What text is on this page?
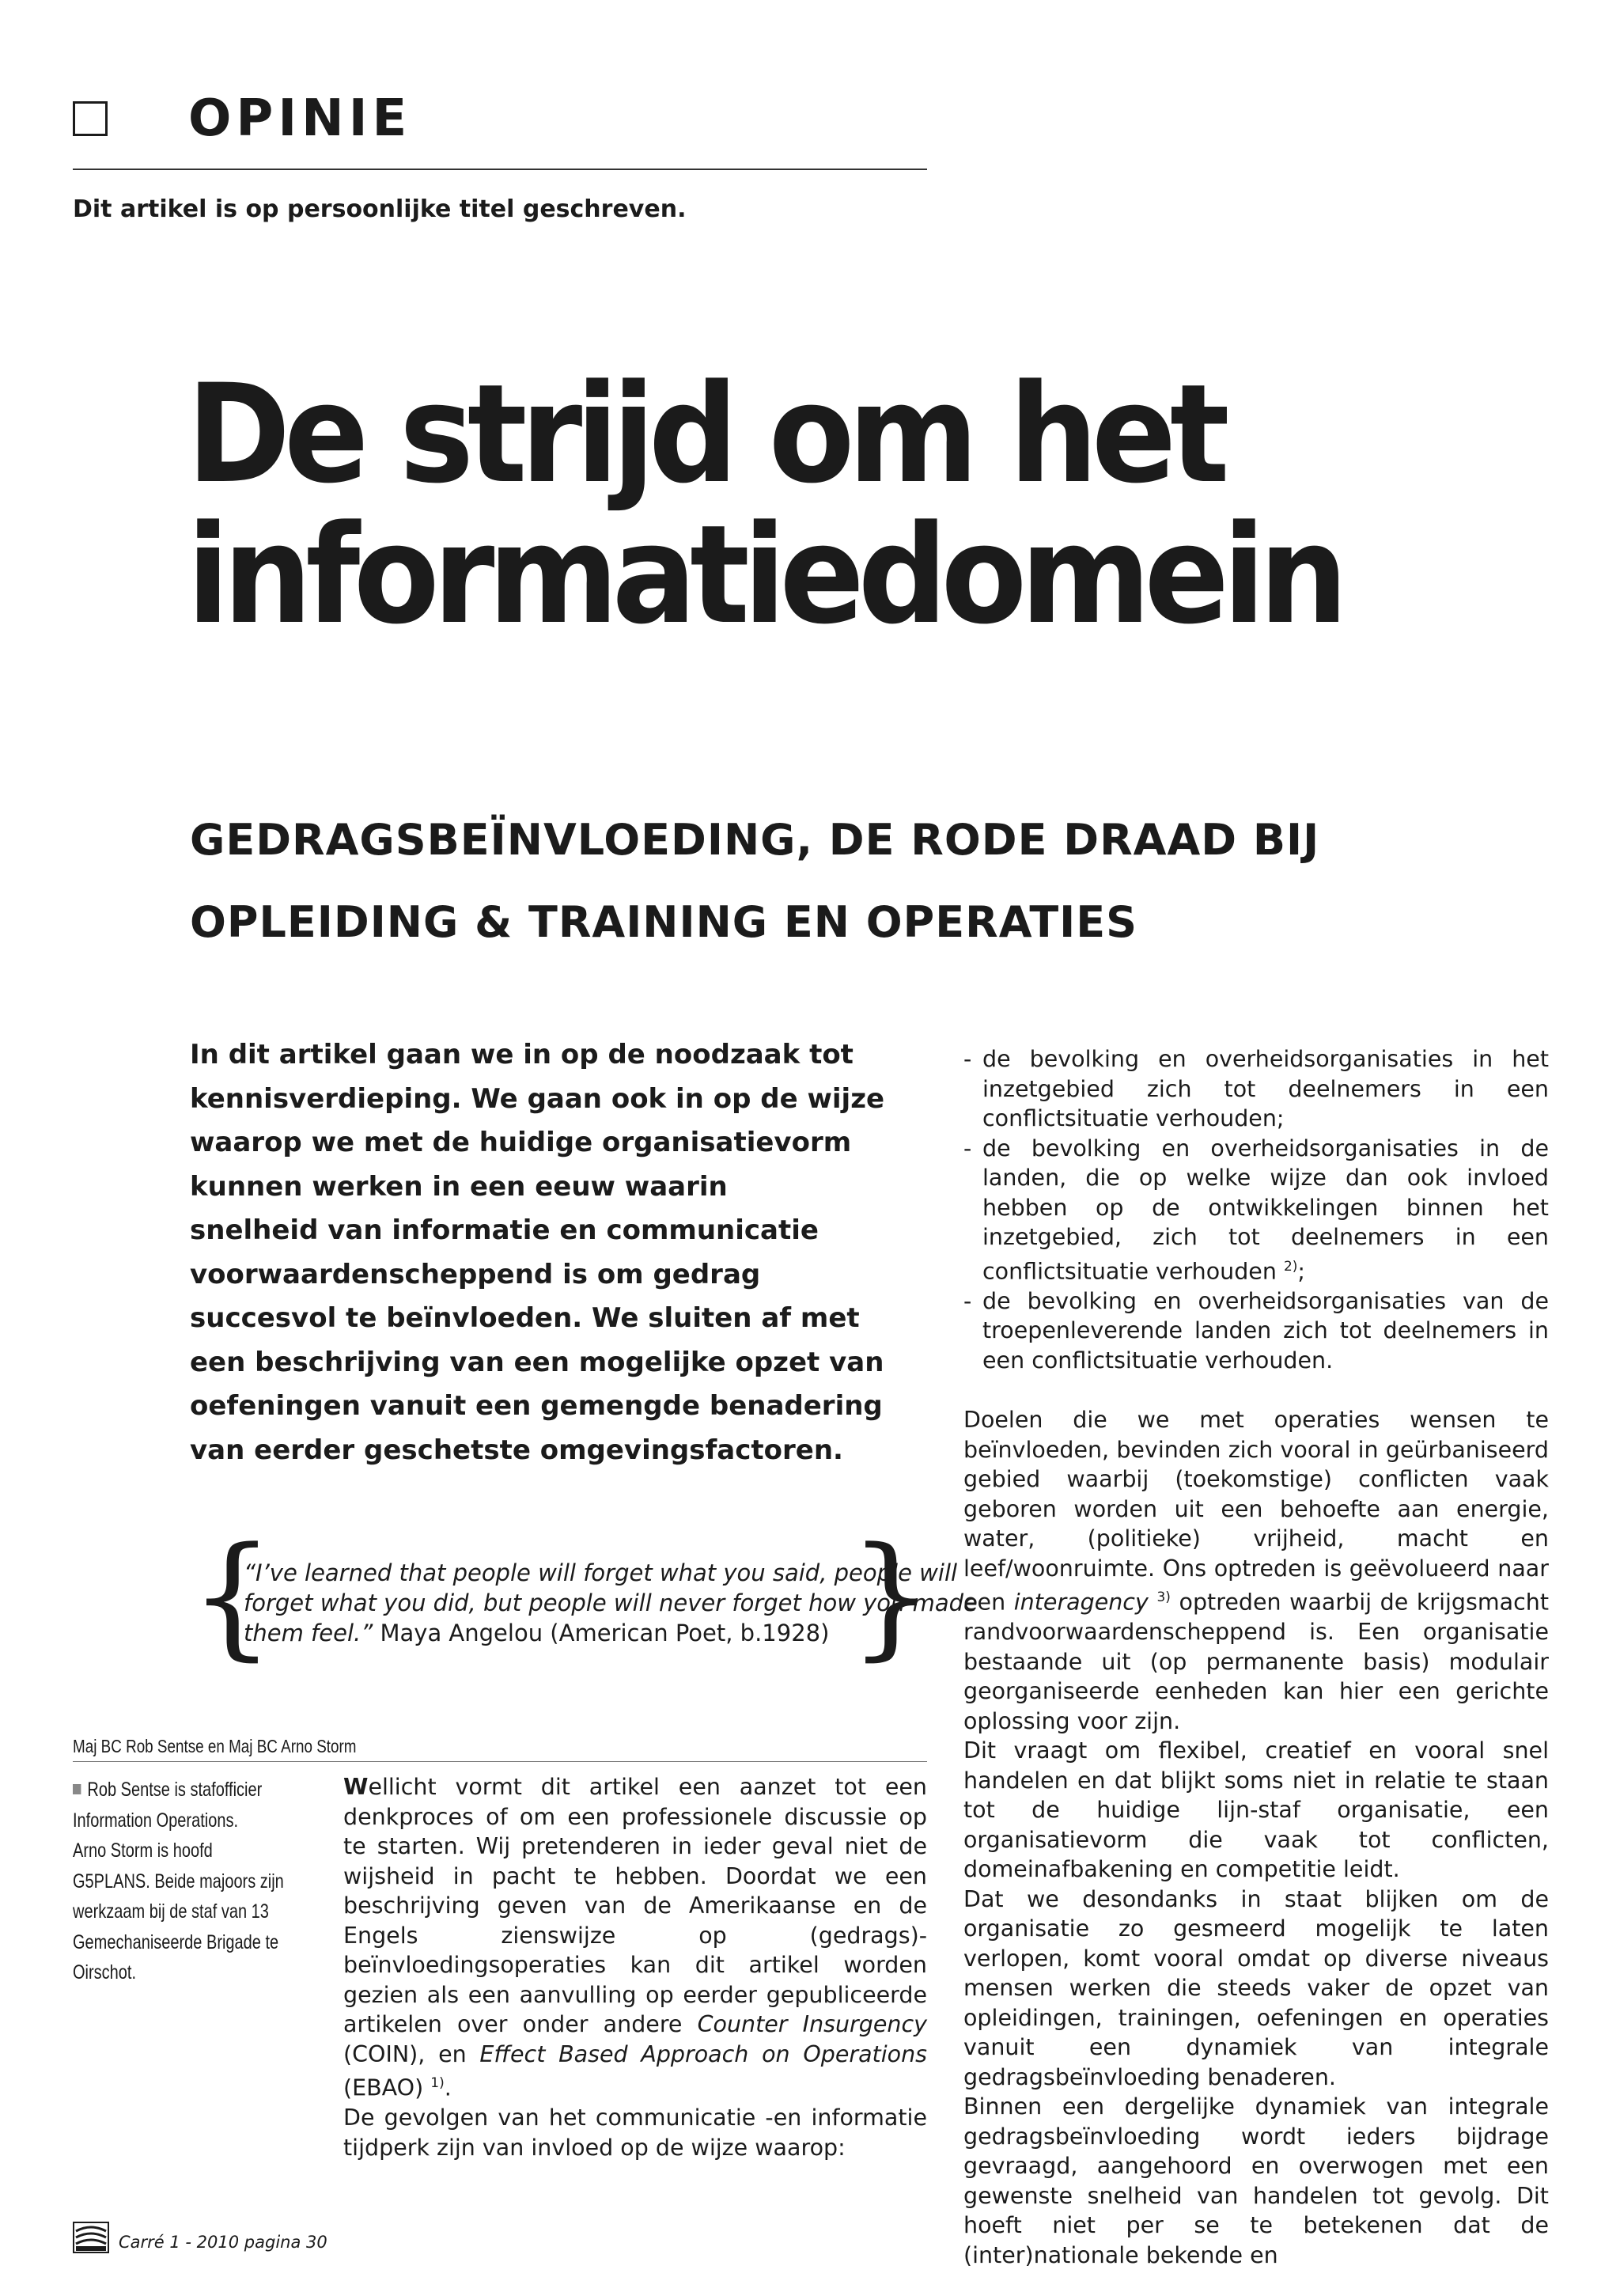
OPINIE
Dit artikel is op persoonlijke titel geschreven.
De strijd om het
informatiedomein
GEDRAGSBEÏNVLOEDING, DE RODE DRAAD BIJ
OPLEIDING & TRAINING EN OPERATIES

In dit artikel gaan we in op de noodzaak tot
kennisverdieping. We gaan ook in op de wijze
waarop we met de huidige organisatievorm
kunnen werken in een eeuw waarin
snelheid van informatie en communicatie
voorwaardenscheppend is om gedrag
succesvol te beïnvloeden. We sluiten af met
een beschrijving van een mogelijke opzet van
oefeningen vanuit een gemengde benadering
van eerder geschetste omgevingsfactoren.

{
“I’ve learned that people will forget what you said, people will
forget what you did, but people will never forget how you made
them feel.” Maya Angelou (American Poet, b.1928) }
Maj BC Rob Sentse en Maj BC Arno Storm
Rob Sentse is stafofficier
Information Operations.
Arno Storm is hoofd
G5PLANS. Beide majoors zijn
werkzaam bij de staf van 13
Gemechaniseerde Brigade te
Oirschot.

Wellicht vormt dit artikel een aanzet tot een denkproces of om een professionele discussie op te starten. Wij pretenderen in ieder geval niet de wijsheid in pacht te hebben. Doordat we een beschrijving geven van de Amerikaanse en de Engels zienswijze op (gedrags)-beïnvloedingsoperaties kan dit artikel worden gezien als een aanvulling op eerder gepubliceerde artikelen over onder andere Counter Insurgency (COIN), en Effect Based Approach on Operations (EBAO) $^{1)}$.

De gevolgen van het communicatie -en informatie tijdperk zijn van invloed op de wijze waarop:

- de bevolking en overheidsorganisaties in het inzetgebied zich tot deelnemers in een conflictsituatie verhouden;
- de bevolking en overheidsorganisaties in de landen, die op welke wijze dan ook invloed hebben op de ontwikkelingen binnen het inzetgebied, zich tot deelnemers in een conflictsituatie verhouden $^{2)}$;
- de bevolking en overheidsorganisaties van de troepenleverende landen zich tot deelnemers in een conflictsituatie verhouden.

Doelen die we met operaties wensen te beïnvloeden, bevinden zich vooral in geürbaniseerd gebied waarbij (toekomstige) conflicten vaak geboren worden uit een behoefte aan energie, water, (politieke) vrijheid, macht en leef/woonruimte. Ons optreden is geëvolueerd naar een interagency $^{3)}$ optreden waarbij de krijgsmacht randvoorwaardenscheppend is. Een organisatie bestaande uit (op permanente basis) modulair georganiseerde eenheden kan hier een gerichte oplossing voor zijn.

Dit vraagt om flexibel, creatief en vooral snel handelen en dat blijkt soms niet in relatie te staan tot de huidige lijn-staf organisatie, een organisatievorm die vaak tot conflicten, domeinafbakening en competitie leidt.

Dat we desondanks in staat blijken om de organisatie zo gesmeerd mogelijk te laten verlopen, komt vooral omdat op diverse niveaus mensen werken die steeds vaker de opzet van opleidingen, trainingen, oefeningen en operaties vanuit een dynamiek van integrale gedragsbeïnvloeding benaderen.

Binnen een dergelijke dynamiek van integrale gedragsbeïnvloeding wordt ieders bijdrage gevraagd, aangehoord en overwogen met een gewenste snelheid van handelen tot gevolg. Dit hoeft niet per se te betekenen dat de (inter)nationale bekende en

Carré 1 - 2010 pagina 30
